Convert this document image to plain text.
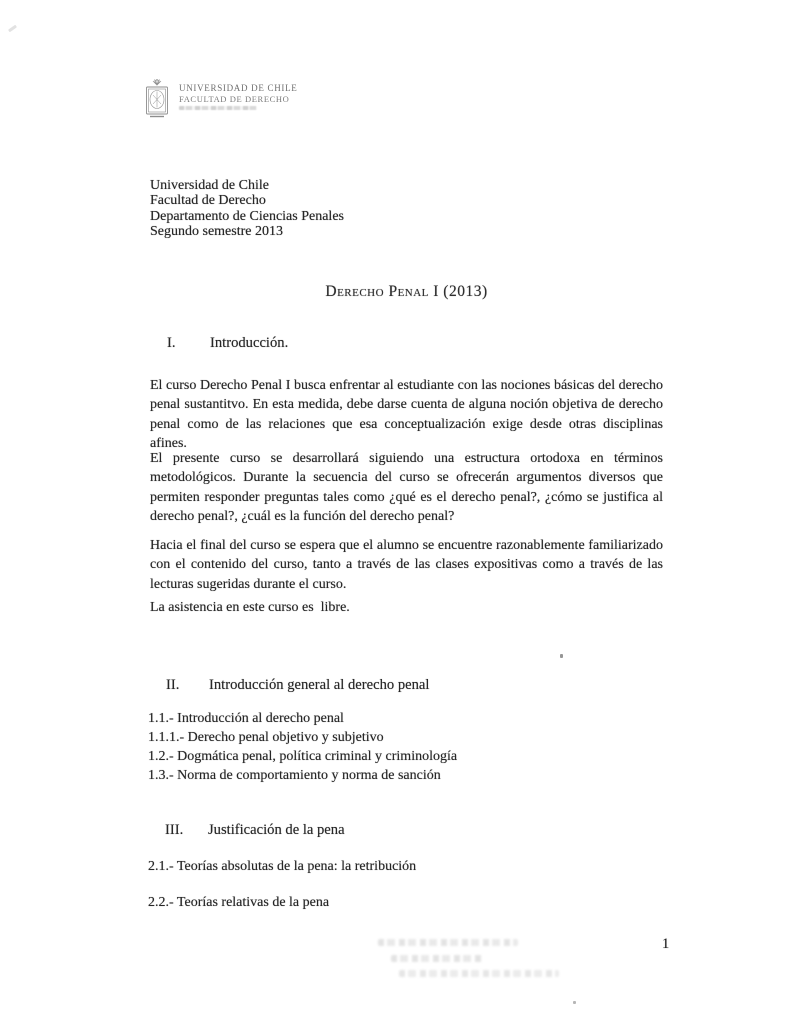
UNIVERSIDAD DE CHILE
FACULTAD DE DERECHO
Universidad de Chile
Facultad de Derecho
Departamento de Ciencias Penales
Segundo semestre 2013
Derecho Penal I (2013)
I. Introducción.
El curso Derecho Penal I busca enfrentar al estudiante con las nociones básicas del derecho penal sustantitvo. En esta medida, debe darse cuenta de alguna noción objetiva de derecho penal como de las relaciones que esa conceptualización exige desde otras disciplinas afines.
El presente curso se desarrollará siguiendo una estructura ortodoxa en términos metodológicos. Durante la secuencia del curso se ofrecerán argumentos diversos que permiten responder preguntas tales como ¿qué es el derecho penal?, ¿cómo se justifica al derecho penal?, ¿cuál es la función del derecho penal?
Hacia el final del curso se espera que el alumno se encuentre razonablemente familiarizado con el contenido del curso, tanto a través de las clases expositivas como a través de las lecturas sugeridas durante el curso.
La asistencia en este curso es  libre.
II. Introducción general al derecho penal
1.1.- Introducción al derecho penal
1.1.1.- Derecho penal objetivo y subjetivo
1.2.- Dogmática penal, política criminal y criminología
1.3.- Norma de comportamiento y norma de sanción
III. Justificación de la pena
2.1.- Teorías absolutas de la pena: la retribución
2.2.- Teorías relativas de la pena
1
